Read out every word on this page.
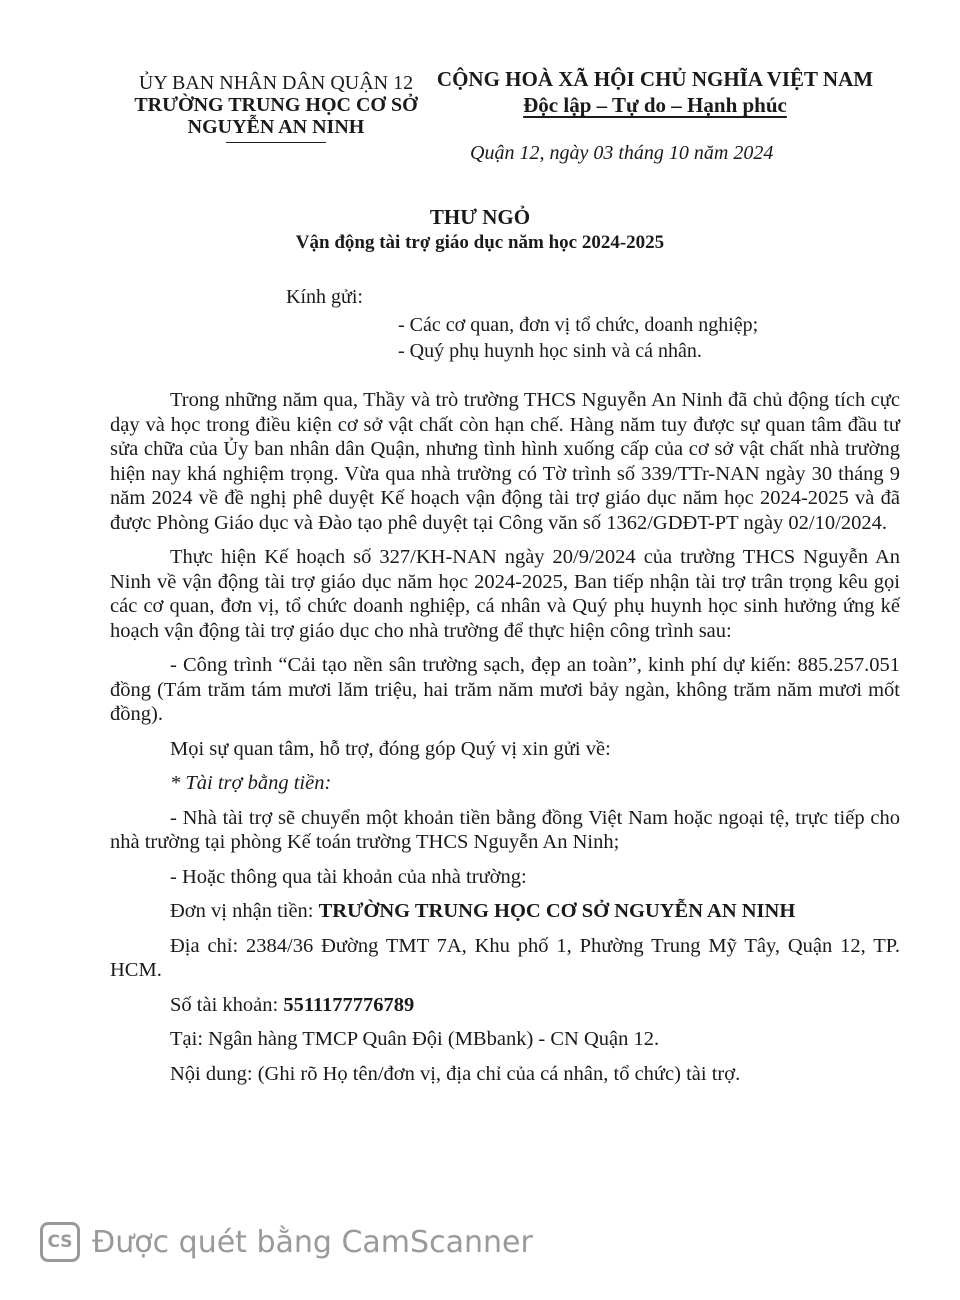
ỦY BAN NHÂN DÂN QUẬN 12
TRƯỜNG TRUNG HỌC CƠ SỞ
NGUYỄN AN NINH
CỘNG HOÀ XÃ HỘI CHỦ NGHĨA VIỆT NAM
Độc lập – Tự do – Hạnh phúc
Quận 12, ngày 03 tháng 10 năm 2024
THƯ NGỎ
Vận động tài trợ giáo dục năm học 2024-2025
Kính gửi:
- Các cơ quan, đơn vị tổ chức, doanh nghiệp;
- Quý phụ huynh học sinh và cá nhân.

Trong những năm qua, Thầy và trò trường THCS Nguyễn An Ninh đã chủ động tích cực dạy và học trong điều kiện cơ sở vật chất còn hạn chế. Hàng năm tuy được sự quan tâm đầu tư sửa chữa của Ủy ban nhân dân Quận, nhưng tình hình xuống cấp của cơ sở vật chất nhà trường hiện nay khá nghiệm trọng. Vừa qua nhà trường có Tờ trình số 339/TTr-NAN ngày 30 tháng 9 năm 2024 về đề nghị phê duyệt Kế hoạch vận động tài trợ giáo dục năm học 2024-2025 và đã được Phòng Giáo dục và Đào tạo phê duyệt tại Công văn số 1362/GDĐT-PT ngày 02/10/2024.

Thực hiện Kế hoạch số 327/KH-NAN ngày 20/9/2024 của trường THCS Nguyễn An Ninh về vận động tài trợ giáo dục năm học 2024-2025, Ban tiếp nhận tài trợ trân trọng kêu gọi các cơ quan, đơn vị, tổ chức doanh nghiệp, cá nhân và Quý phụ huynh học sinh hưởng ứng kế hoạch vận động tài trợ giáo dục cho nhà trường để thực hiện công trình sau:

- Công trình “Cải tạo nền sân trường sạch, đẹp an toàn”, kinh phí dự kiến: 885.257.051 đồng (Tám trăm tám mươi lăm triệu, hai trăm năm mươi bảy ngàn, không trăm năm mươi mốt đồng).

Mọi sự quan tâm, hỗ trợ, đóng góp Quý vị xin gửi về:

* Tài trợ bằng tiền:

- Nhà tài trợ sẽ chuyển một khoản tiền bằng đồng Việt Nam hoặc ngoại tệ, trực tiếp cho nhà trường tại phòng Kế toán trường THCS Nguyễn An Ninh;

- Hoặc thông qua tài khoản của nhà trường:

Đơn vị nhận tiền: TRƯỜNG TRUNG HỌC CƠ SỞ NGUYỄN AN NINH

Địa chỉ: 2384/36 Đường TMT 7A, Khu phố 1, Phường Trung Mỹ Tây, Quận 12, TP. HCM.

Số tài khoản: 5511177776789

Tại: Ngân hàng TMCP Quân Đội (MBbank) - CN Quận 12.

Nội dung: (Ghi rõ Họ tên/đơn vị, địa chỉ của cá nhân, tổ chức) tài trợ.

CS Được quét bằng CamScanner
